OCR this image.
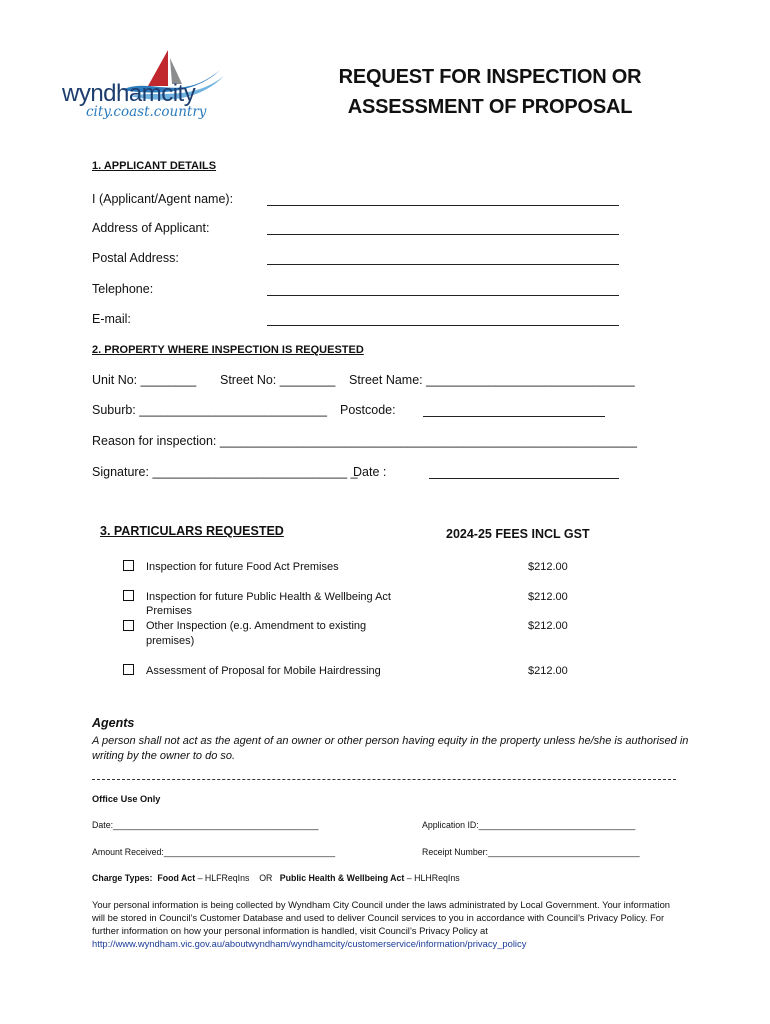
wyndhamcity
city.coast.country
REQUEST FOR INSPECTION OR
ASSESSMENT OF PROPOSAL
1. APPLICANT DETAILS
I (Applicant/Agent name):
Address of Applicant:
Postal Address:
Telephone:
E-mail:
2. PROPERTY WHERE INSPECTION IS REQUESTED
Unit No: ________ Street No: ________ Street Name: ______________________________
Suburb: ___________________________ Postcode:
Reason for inspection: ____________________________________________________________
Signature: ____________________________ _
Date :
3. PARTICULARS REQUESTED	2024-25 FEES INCL GST
Inspection for future Food Act Premises	$212.00
Inspection for future Public Health & Wellbeing Act
Premises
$212.00
Other Inspection (e.g. Amendment to existing
premises)
$212.00
Assessment of Proposal for Mobile Hairdressing	$212.00
Agents
A person shall not act as the agent of an owner or other person having equity in the property unless he/she is authorised in writing by the owner to do so.
Office Use Only
Date:__________________________________________	Application ID:________________________________
Amount Received:___________________________________	Receipt Number:_______________________________
Charge Types: Food Act – HLFReqIns    OR   Public Health & Wellbeing Act – HLHReqIns
Your personal information is being collected by Wyndham City Council under the laws administrated by Local Government. Your information will be stored in Council’s Customer Database and used to deliver Council services to you in accordance with Council’s Privacy Policy. For further information on how your personal information is handled, visit Council’s Privacy Policy at
http://www.wyndham.vic.gov.au/aboutwyndham/wyndhamcity/customerservice/information/privacy_policy
